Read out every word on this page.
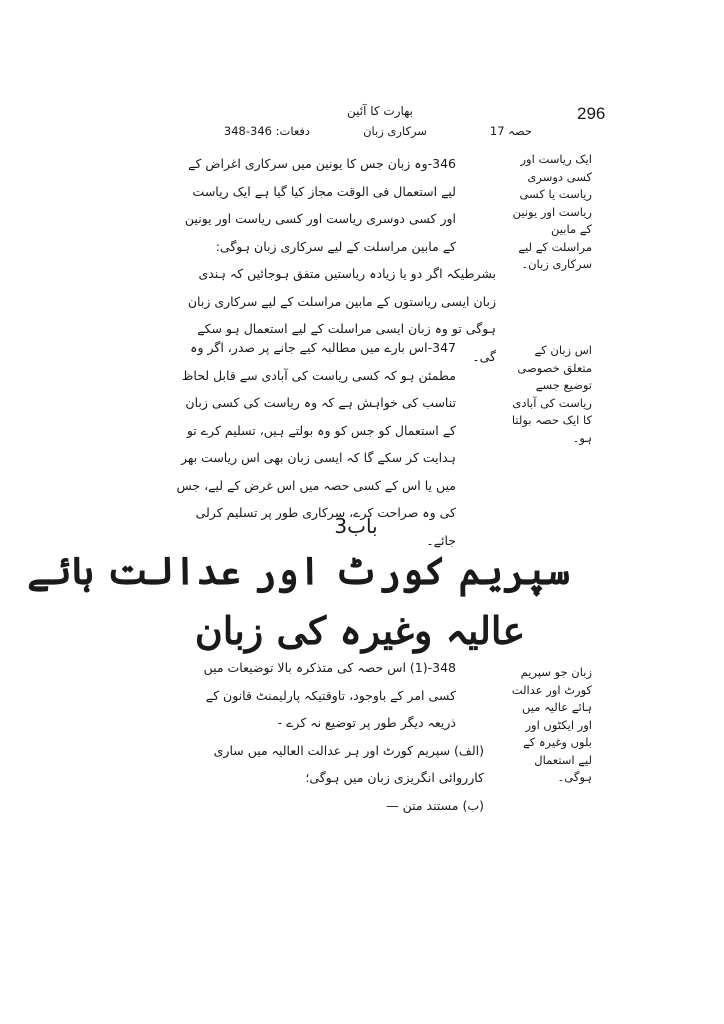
296
بھارت کا آئین
حصہ 17
سرکاری زبان
دفعات: 346-348

ایک ریاست اور کسی دوسری ریاست یا کسی ریاست اور یونین کے مابین مراسلت کے لیے سرکاری زبان۔

346-وہ زبان جس کا یونین میں سرکاری اغراض کے لیے استعمال فی الوقت مجاز کیا گیا ہے ایک ریاست اور کسی دوسری ریاست اور کسی ریاست اور یونین کے مابین مراسلت کے لیے سرکاری زبان ہوگی:

بشرطیکہ اگر دو یا زیادہ ریاستیں متفق ہوجائیں کہ ہندی زبان ایسی ریاستوں کے مابین مراسلت کے لیے سرکاری زبان ہوگی تو وہ زبان ایسی مراسلت کے لیے استعمال ہو سکے گی۔	اس زبان کے متعلق خصوصی توضیع جسے ریاست کی آبادی کا ایک حصہ بولتا ہو۔

347-اس بارے میں مطالبہ کیے جانے پر صدر، اگر وہ مطمئن ہو کہ کسی ریاست کی آبادی سے قابل لحاظ تناسب کی خواہش ہے کہ وہ ریاست کی کسی زبان کے استعمال کو جس کو وہ بولتے ہیں، تسلیم کرے تو ہدایت کر سکے گا کہ ایسی زبان بھی اس ریاست بھر میں یا اس کے کسی حصہ میں اس غرض کے لیے، جس کی وہ صراحت کرے، سرکاری طور پر تسلیم کرلی جائے۔

باب3
سپریم کورٹ اور عدالت ہائے
عالیہ وغیرہ کی زبان

زبان جو سپریم کورٹ اور عدالت ہائے عالیہ میں اور ایکٹوں اور بلوں وغیرہ کے لیے استعمال ہوگی۔

348-(1) اس حصہ کی متذکرہ بالا توضیعات میں کسی امر کے باوجود، تاوقتیکہ پارلیمنٹ قانون کے ذریعہ دیگر طور پر توضیع نہ کرے -

(الف) سپریم کورٹ اور ہر عدالت العالیہ میں ساری کارروائی انگریزی زبان میں ہوگی؛

(ب) مستند متن —
